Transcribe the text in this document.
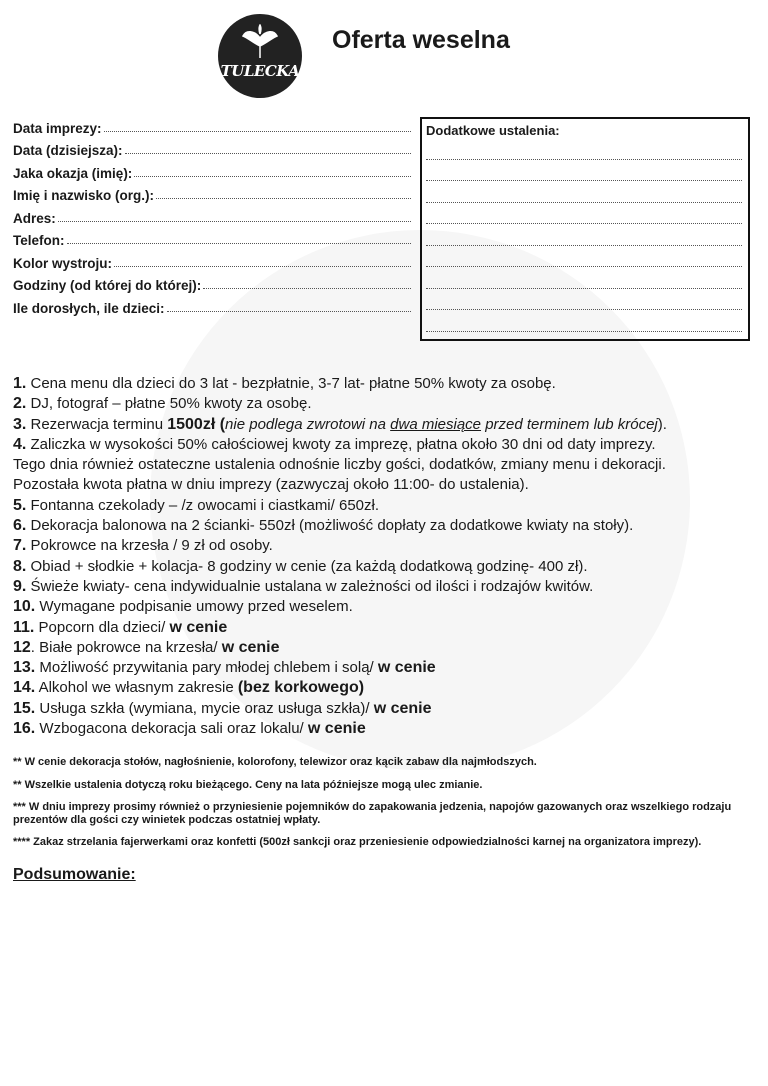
TULECKA
Oferta weselna
Data imprezy:
Data (dzisiejsza):
Jaka okazja (imię):
Imię i nazwisko (org.):
Adres:
Telefon:
Kolor wystroju:
Godziny (od której do której):
Ile dorosłych, ile dzieci:
Dodatkowe ustalenia:
1. Cena menu dla dzieci do 3 lat - bezpłatnie, 3-7 lat- płatne 50% kwoty za osobę.
2. DJ, fotograf – płatne 50% kwoty za osobę.
3. Rezerwacja terminu 1500zł (nie podlega zwrotowi na dwa miesiące przed terminem lub krócej).
4. Zaliczka w wysokości 50% całościowej kwoty za imprezę, płatna około 30 dni od daty imprezy.
Tego dnia również ostateczne ustalenia odnośnie liczby gości, dodatków, zmiany menu i dekoracji.
Pozostała kwota płatna w dniu imprezy (zazwyczaj około 11:00- do ustalenia).
5. Fontanna czekolady – /z owocami i ciastkami/ 650zł.
6. Dekoracja balonowa na 2 ścianki- 550zł (możliwość dopłaty za dodatkowe kwiaty na stoły).
7. Pokrowce na krzesła / 9 zł od osoby.
8. Obiad + słodkie + kolacja- 8 godziny w cenie (za każdą dodatkową godzinę- 400 zł).
9. Świeże kwiaty- cena indywidualnie ustalana w zależności od ilości i rodzajów kwitów.
10. Wymagane podpisanie umowy przed weselem.
11. Popcorn dla dzieci/ w cenie
12. Białe pokrowce na krzesła/ w cenie
13. Możliwość przywitania pary młodej chlebem i solą/ w cenie
14. Alkohol we własnym zakresie (bez korkowego)
15. Usługa szkła (wymiana, mycie oraz usługa szkła)/ w cenie
16. Wzbogacona dekoracja sali oraz lokalu/ w cenie
** W cenie dekoracja stołów, nagłośnienie, kolorofony, telewizor oraz kącik zabaw dla najmłodszych.
** Wszelkie ustalenia dotyczą roku bieżącego. Ceny na lata późniejsze mogą ulec zmianie.
*** W dniu imprezy prosimy również o przyniesienie pojemników do zapakowania jedzenia, napojów gazowanych oraz wszelkiego rodzaju prezentów dla gości czy winietek podczas ostatniej wpłaty.
**** Zakaz strzelania fajerwerkami oraz konfetti (500zł sankcji oraz przeniesienie odpowiedzialności karnej na organizatora imprezy).
Podsumowanie:
